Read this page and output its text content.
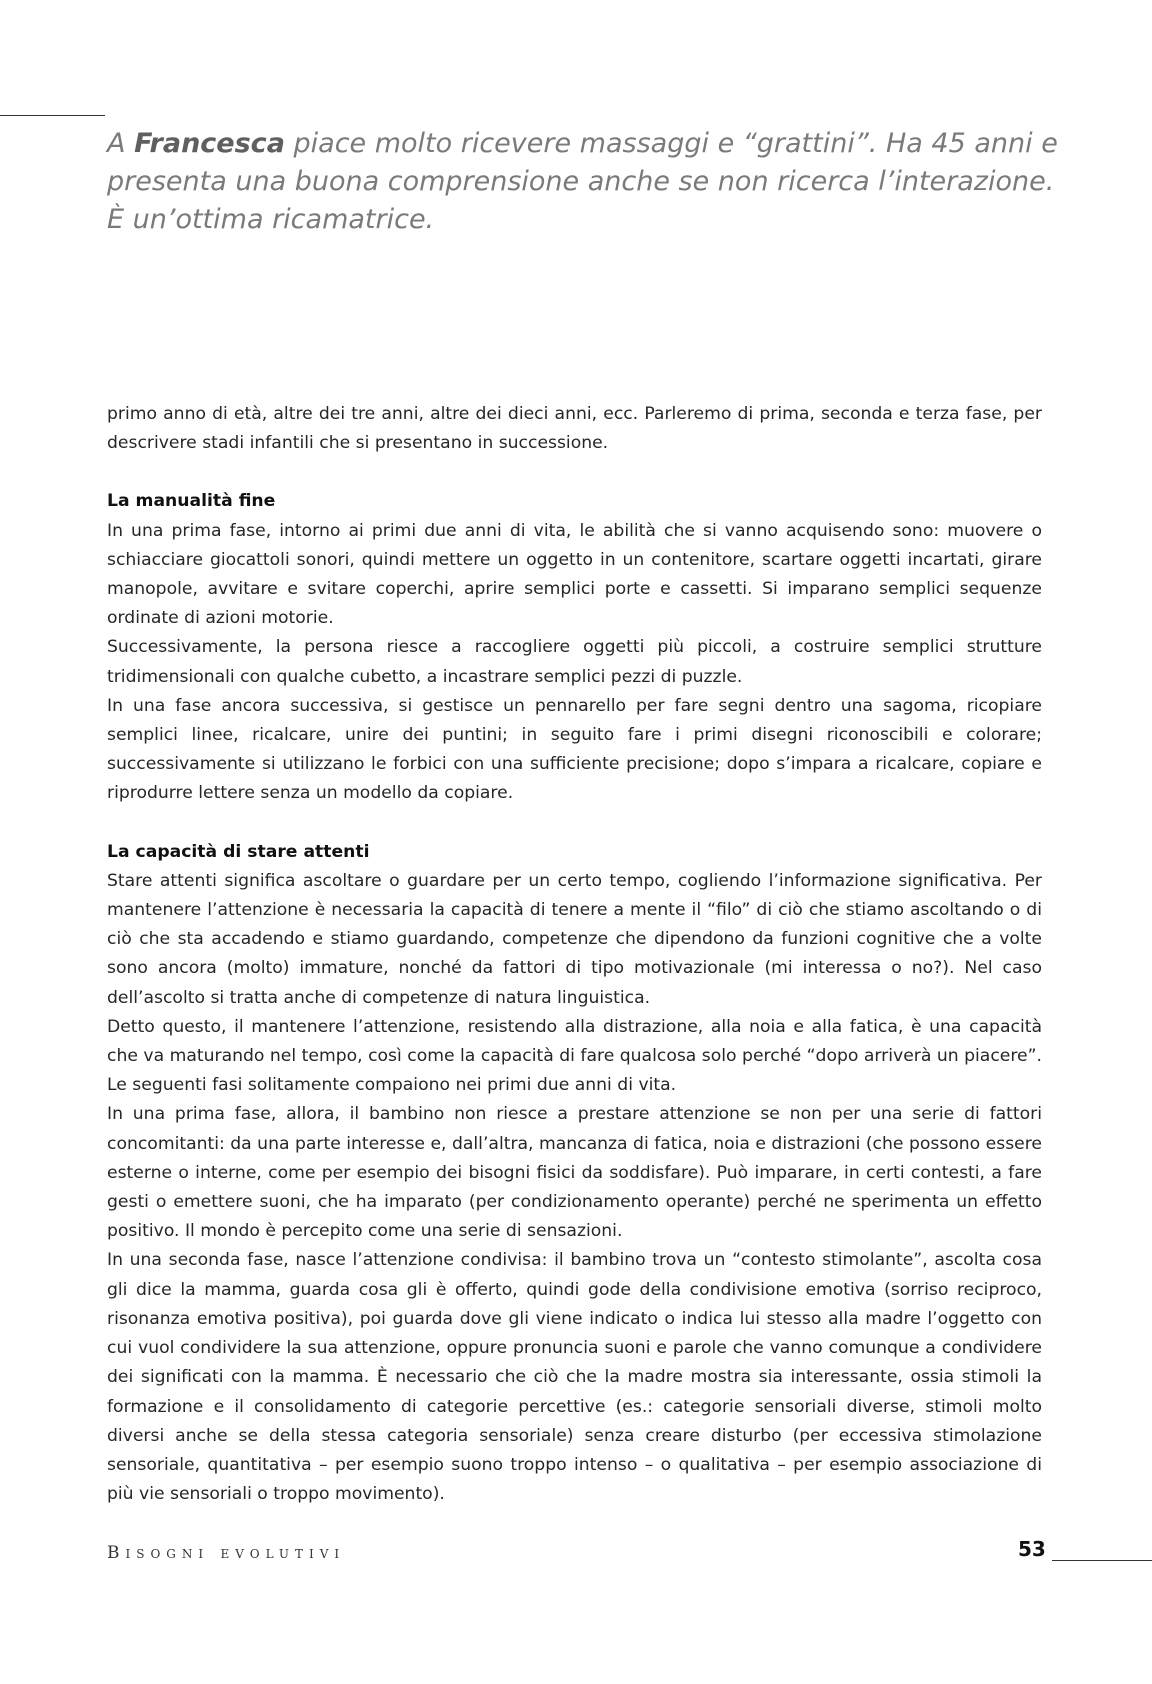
A Francesca piace molto ricevere massaggi e “grattini”. Ha 45 anni e presenta una buona comprensione anche se non ricerca l’interazione. È un’ottima ricamatrice.

primo anno di età, altre dei tre anni, altre dei dieci anni, ecc. Parleremo di prima, seconda e terza fase, per descrivere stadi infantili che si presentano in successione.

La manualità fine

In una prima fase, intorno ai primi due anni di vita, le abilità che si vanno acquisendo sono: muovere o schiacciare giocattoli sonori, quindi mettere un oggetto in un contenitore, scartare oggetti incartati, girare manopole, avvitare e svitare coperchi, aprire semplici porte e cassetti. Si imparano semplici sequenze ordinate di azioni motorie.

Successivamente, la persona riesce a raccogliere oggetti più piccoli, a costruire semplici strutture tridimensionali con qualche cubetto, a incastrare semplici pezzi di puzzle.

In una fase ancora successiva, si gestisce un pennarello per fare segni dentro una sagoma, ricopiare semplici linee, ricalcare, unire dei puntini; in seguito fare i primi disegni riconoscibili e colorare; successivamente si utilizzano le forbici con una sufficiente precisione; dopo s’impara a ricalcare, copiare e riprodurre lettere senza un modello da copiare.

La capacità di stare attenti

Stare attenti significa ascoltare o guardare per un certo tempo, cogliendo l’informazione significativa. Per mantenere l’attenzione è necessaria la capacità di tenere a mente il “filo” di ciò che stiamo ascoltando o di ciò che sta accadendo e stiamo guardando, competenze che dipendono da funzioni cognitive che a volte sono ancora (molto) immature, nonché da fattori di tipo motivazionale (mi interessa o no?). Nel caso dell’ascolto si tratta anche di competenze di natura linguistica.

Detto questo, il mantenere l’attenzione, resistendo alla distrazione, alla noia e alla fatica, è una capacità che va maturando nel tempo, così come la capacità di fare qualcosa solo perché “dopo arriverà un piacere”. Le seguenti fasi solitamente compaiono nei primi due anni di vita.

In una prima fase, allora, il bambino non riesce a prestare attenzione se non per una serie di fattori concomitanti: da una parte interesse e, dall’altra, mancanza di fatica, noia e distrazioni (che possono essere esterne o interne, come per esempio dei bisogni fisici da soddisfare). Può imparare, in certi contesti, a fare gesti o emettere suoni, che ha imparato (per condizionamento operante) perché ne sperimenta un effetto positivo. Il mondo è percepito come una serie di sensazioni.

In una seconda fase, nasce l’attenzione condivisa: il bambino trova un “contesto stimolante”, ascolta cosa gli dice la mamma, guarda cosa gli è offerto, quindi gode della condivisione emotiva (sorriso reciproco, risonanza emotiva positiva), poi guarda dove gli viene indicato o indica lui stesso alla madre l’oggetto con cui vuol condividere la sua attenzione, oppure pronuncia suoni e parole che vanno comunque a condividere dei significati con la mamma. È necessario che ciò che la madre mostra sia interessante, ossia stimoli la formazione e il consolidamento di categorie percettive (es.: categorie sensoriali diverse, stimoli molto diversi anche se della stessa categoria sensoriale) senza creare disturbo (per eccessiva stimolazione sensoriale, quantitativa – per esempio suono troppo intenso – o qualitativa – per esempio associazione di più vie sensoriali o troppo movimento).

Bisogni evolutivi	53
